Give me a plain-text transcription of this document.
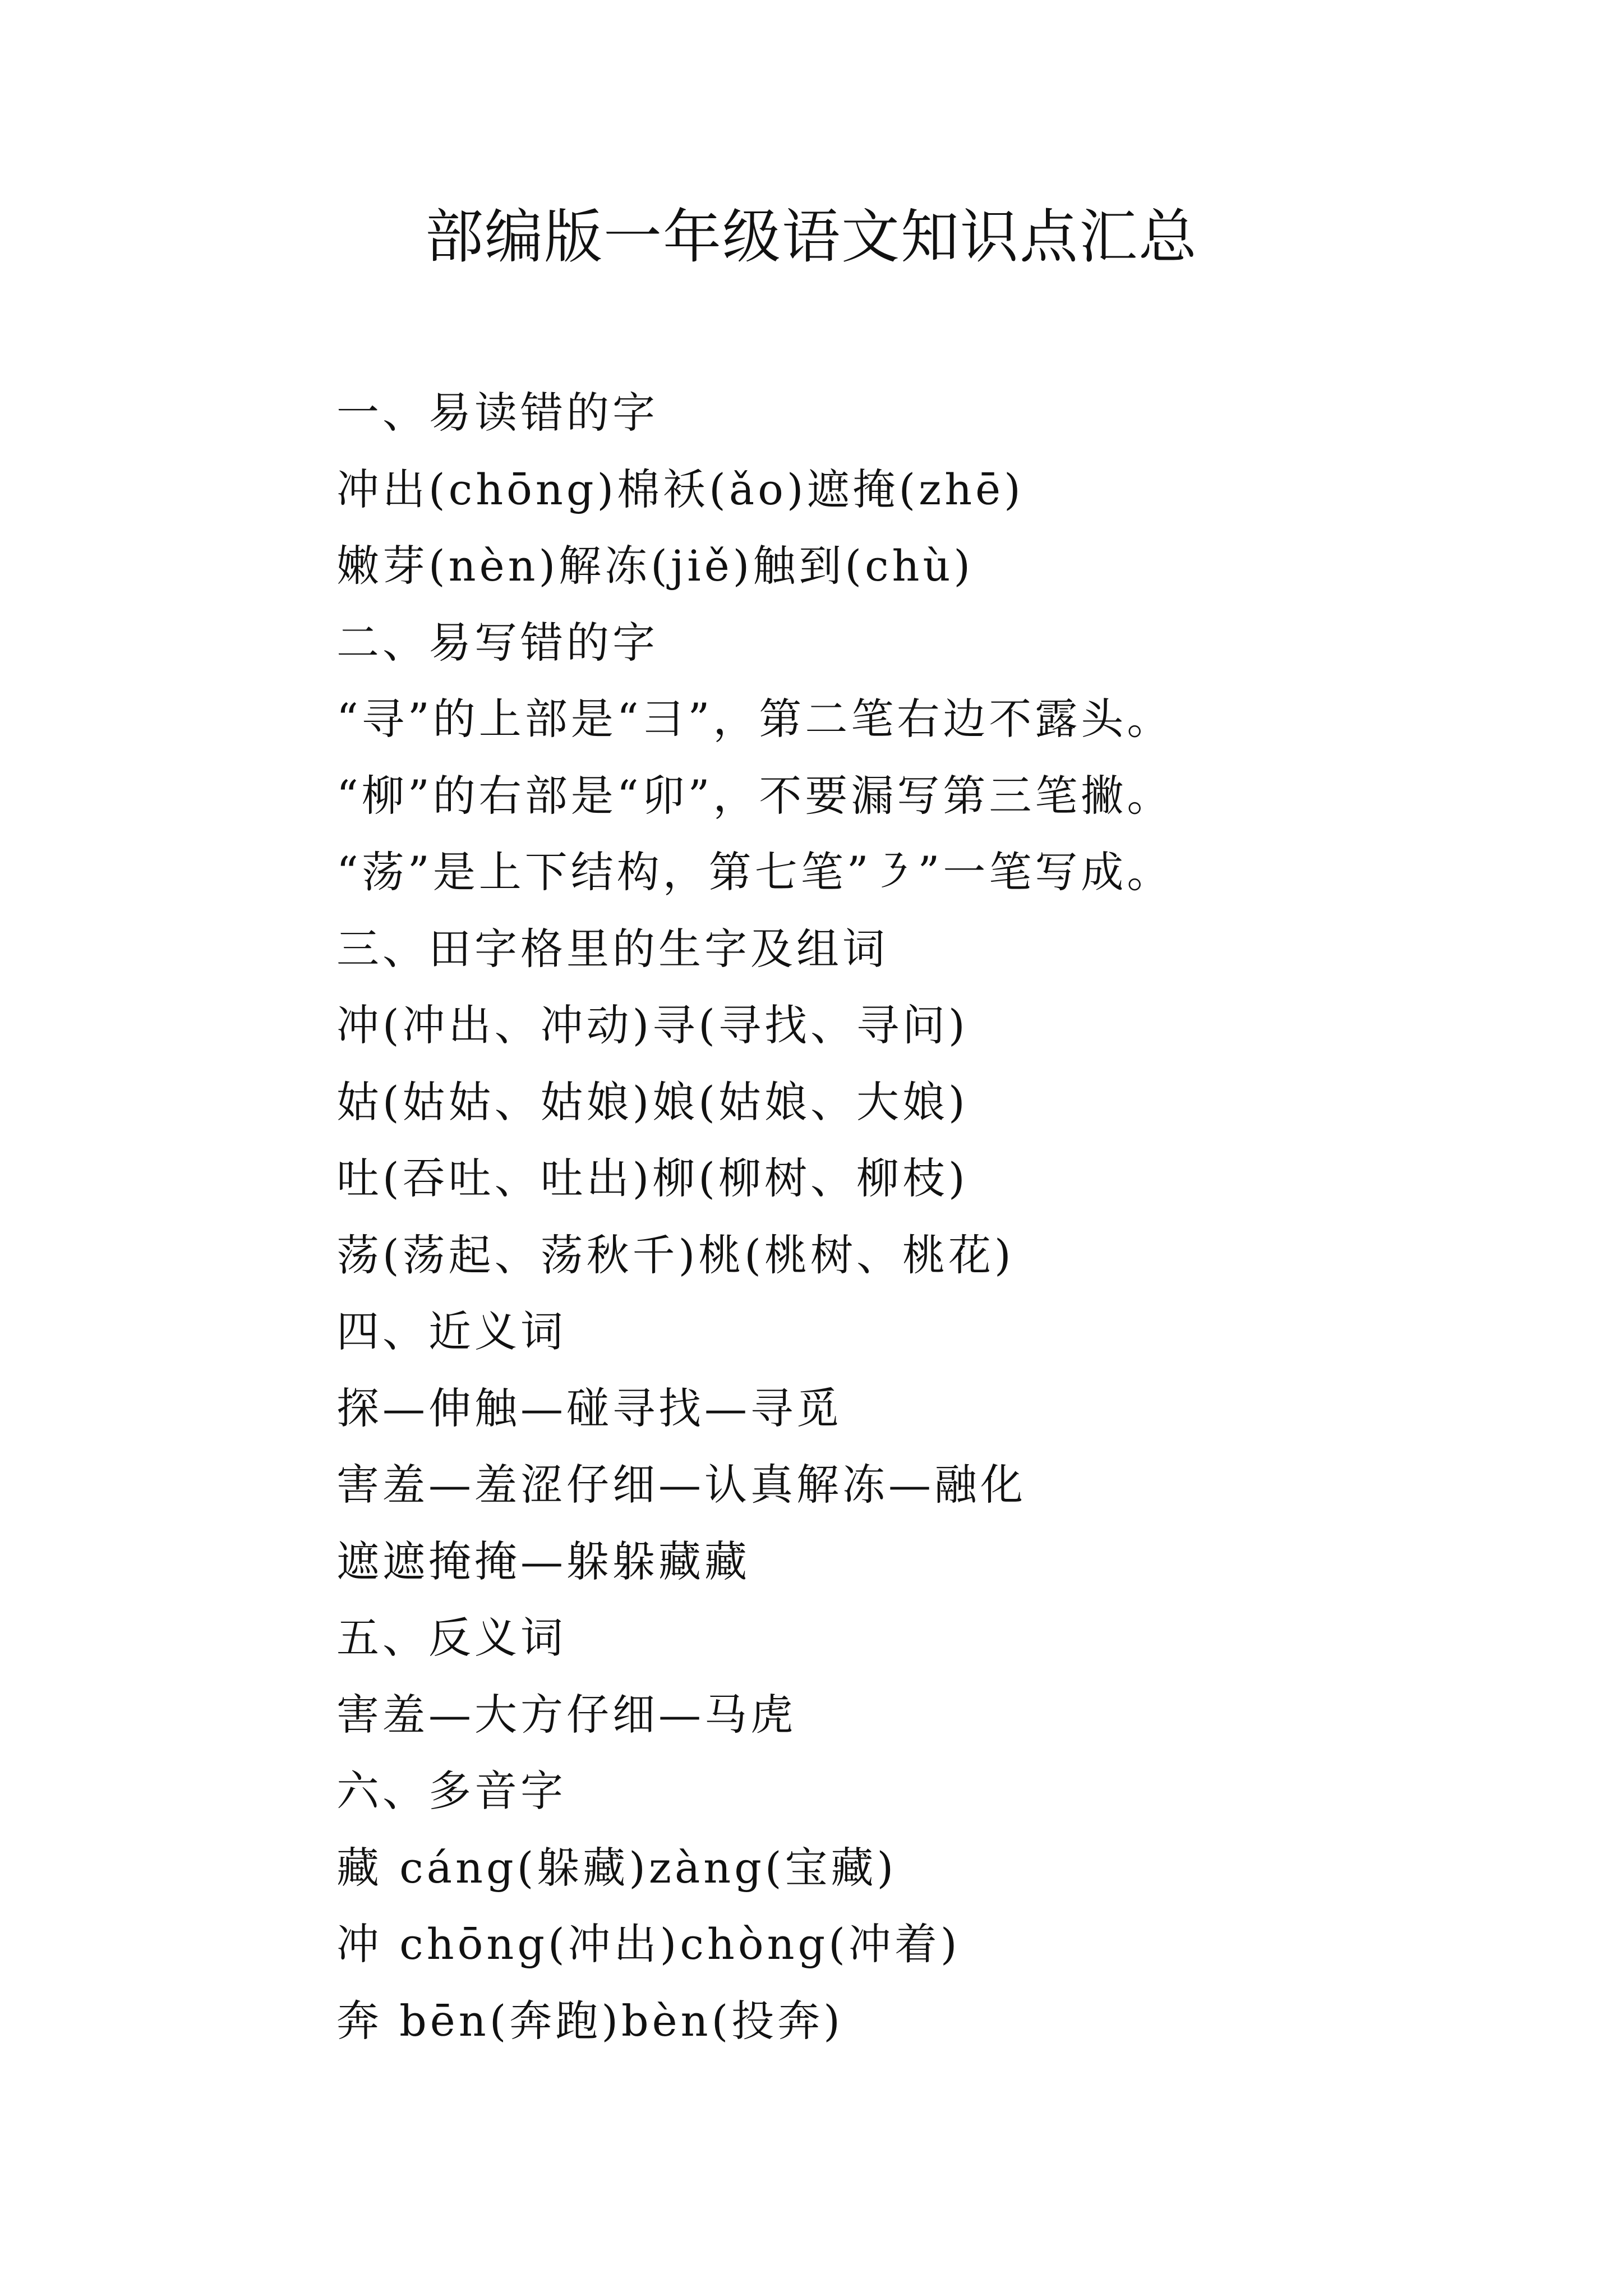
部编版一年级语文知识点汇总
一、易读错的字
冲出(chōng)棉袄(ǎo)遮掩(zhē)
嫩芽(nèn)解冻(jiě)触到(chù)
二、易写错的字
“寻”的上部是“彐”，第二笔右边不露头。
“柳”的右部是“卯”，不要漏写第三笔撇。
“荡”是上下结构，第七笔”㇋”一笔写成。
三、田字格里的生字及组词
冲(冲出、冲动)寻(寻找、寻问)
姑(姑姑、姑娘)娘(姑娘、大娘)
吐(吞吐、吐出)柳(柳树、柳枝)
荡(荡起、荡秋千)桃(桃树、桃花)
四、近义词
探—伸触—碰寻找—寻觅
害羞—羞涩仔细—认真解冻—融化
遮遮掩掩—躲躲藏藏
五、反义词
害羞—大方仔细—马虎
六、多音字
藏 cáng(躲藏)zàng(宝藏)
冲 chōng(冲出)chòng(冲着)
奔 bēn(奔跑)bèn(投奔)
